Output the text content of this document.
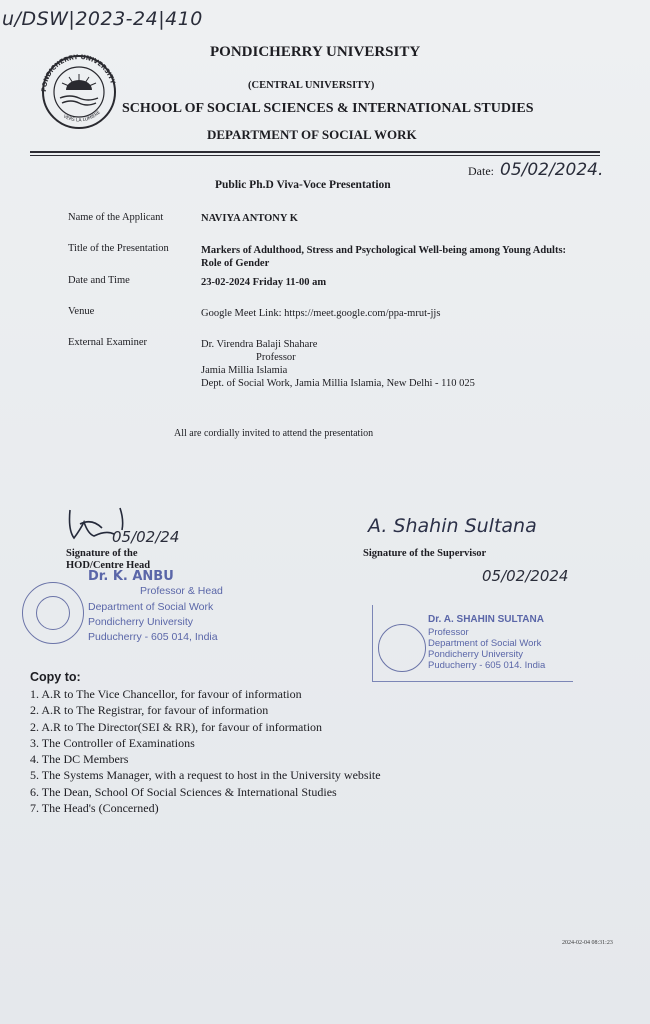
u/DSW|2023-24|410
PONDICHERRY UNIVERSITY
VERS LA LUMIERE
PONDICHERRY UNIVERSITY
(CENTRAL UNIVERSITY)
SCHOOL OF SOCIAL SCIENCES & INTERNATIONAL STUDIES
DEPARTMENT OF SOCIAL WORK
Date: 05/02/2024.
Public Ph.D Viva-Voce Presentation
Name of the Applicant	NAVIYA ANTONY K
Title of the Presentation	Markers of Adulthood, Stress and Psychological Well-being among Young Adults: Role of Gender
Date and Time	23-02-2024 Friday 11-00 am
Venue	Google Meet Link: https://meet.google.com/ppa-mrut-jjs
External Examiner	Dr. Virendra Balaji Shahare
Professor
Jamia Millia Islamia
Dept. of Social Work, Jamia Millia Islamia, New Delhi - 110 025
All are cordially invited to attend the presentation
05/02/24
Signature of the
HOD/Centre Head
Dr. K. ANBU
Professor & Head
Department of Social Work
Pondicherry University
Puducherry - 605 014, India
A. Shahin Sultana
Signature of the Supervisor
05/02/2024
Dr. A. SHAHIN SULTANA
Professor
Department of Social Work
Pondicherry University
Puducherry - 605 014. India
Copy to:
1. A.R to The Vice Chancellor, for favour of information
2. A.R to The Registrar, for favour of information
2. A.R to The Director(SEI & RR), for favour of information
3. The Controller of Examinations
4. The DC Members
5. The Systems Manager, with a request to host in the University website
6. The Dean, School Of Social Sciences & International Studies
7. The Head's (Concerned)
2024-02-04 08:31:23
